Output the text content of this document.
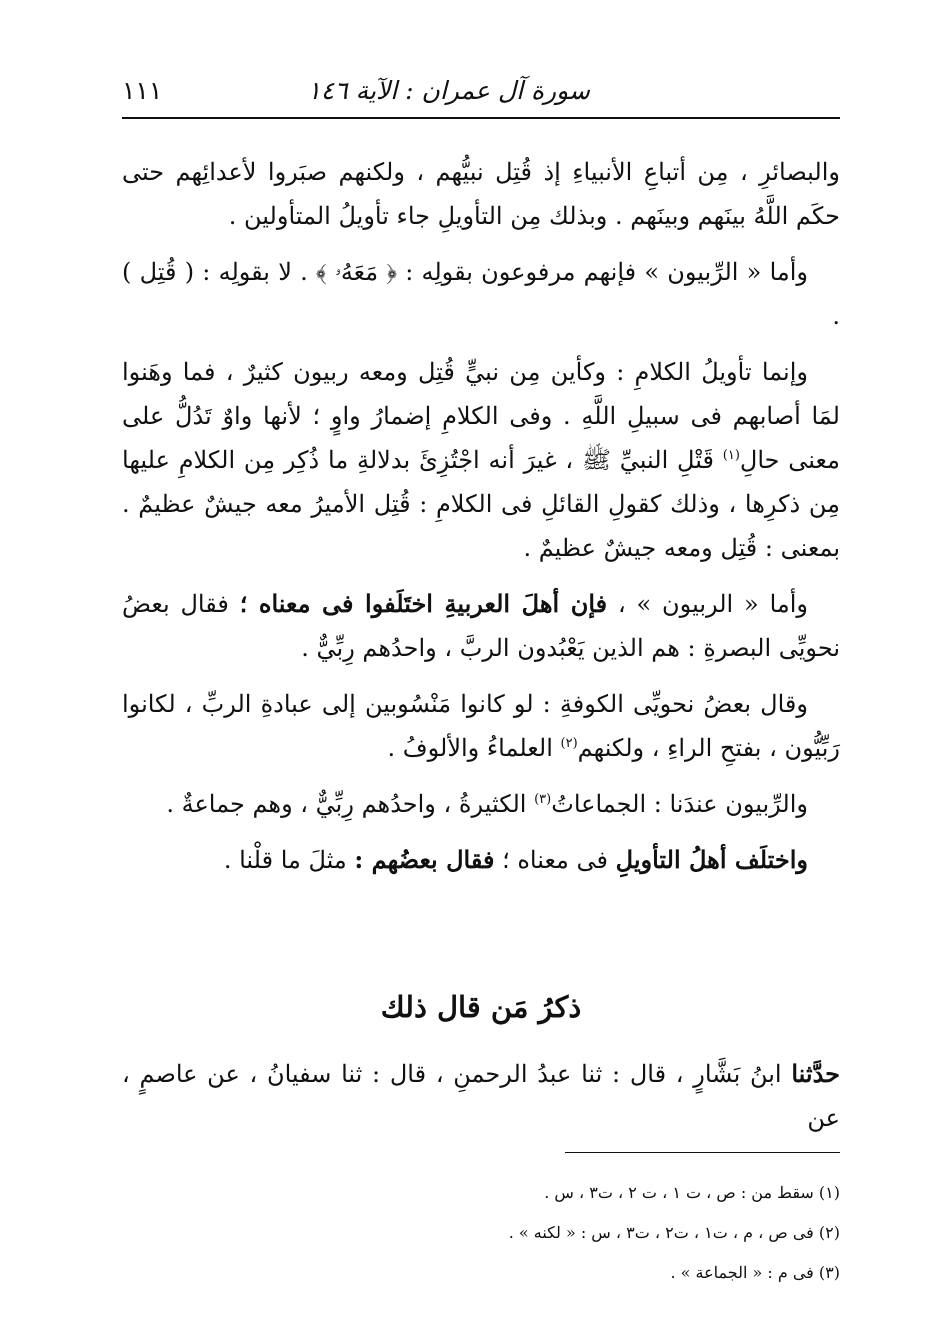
سورة آل عمران : الآية ١٤٦
١١١

والبصائرِ ، مِن أتباعِ الأنبياءِ إذ قُتِل نبيُّهم ، ولكنهم صبَروا لأعدائِهم حتى حكَم اللَّهُ بينَهم وبينَهم . وبذلك مِن التأويلِ جاء تأويلُ المتأولين .

وأما « الرِّبيون » فإنهم مرفوعون بقولِه : ﴿ مَعَهُۥ ﴾ . لا بقولِه : ( قُتِل ) .

وإنما تأويلُ الكلامِ : وكأين مِن نبيٍّ قُتِل ومعه ربيون كثيرٌ ، فما وهَنوا لمَا أصابهم فى سبيلِ اللَّهِ . وفى الكلامِ إضمارُ واوٍ ؛ لأنها واوٌ تَدُلُّ على معنى حالِ$^{(١)}$ قَتْلِ النبيِّ ﷺ ، غيرَ أنه اجْتُزِئَ بدلالةِ ما ذُكِر مِن الكلامِ عليها مِن ذكرِها ، وذلك كقولِ القائلِ فى الكلامِ : قُتِل الأميرُ معه جيشٌ عظيمٌ . بمعنى : قُتِل ومعه جيشٌ عظيمٌ .

وأما « الربيون » ، فإن أهلَ العربيةِ اختَلَفوا فى معناه ؛ فقال بعضُ نحويِّى البصرةِ : هم الذين يَعْبُدون الربَّ ، واحدُهم رِبِّيٌّ .

وقال بعضُ نحويِّى الكوفةِ : لو كانوا مَنْسُوبين إلى عبادةِ الربِّ ، لكانوا رَبِّيُّون ، بفتحِ الراءِ ، ولكنهم$^{(٢)}$ العلماءُ والألوفُ .

والرِّبيون عندَنا : الجماعاتُ$^{(٣)}$ الكثيرةُ ، واحدُهم رِبِّيٌّ ، وهم جماعةٌ .

واختلَف أهلُ التأويلِ فى معناه ؛ فقال بعضُهم : مثلَ ما قلْنا .

ذكرُ مَن قال ذلك
حدَّثنا ابنُ بَشَّارٍ ، قال : ثنا عبدُ الرحمنِ ، قال : ثنا سفيانُ ، عن عاصمٍ ، عن

(١) سقط من : ص ، ت ١ ، ت ٢ ، ت٣ ، س .

(٢) فى ص ، م ، ت١ ، ت٢ ، ت٣ ، س : « لكنه » .

(٣) فى م : « الجماعة » .
